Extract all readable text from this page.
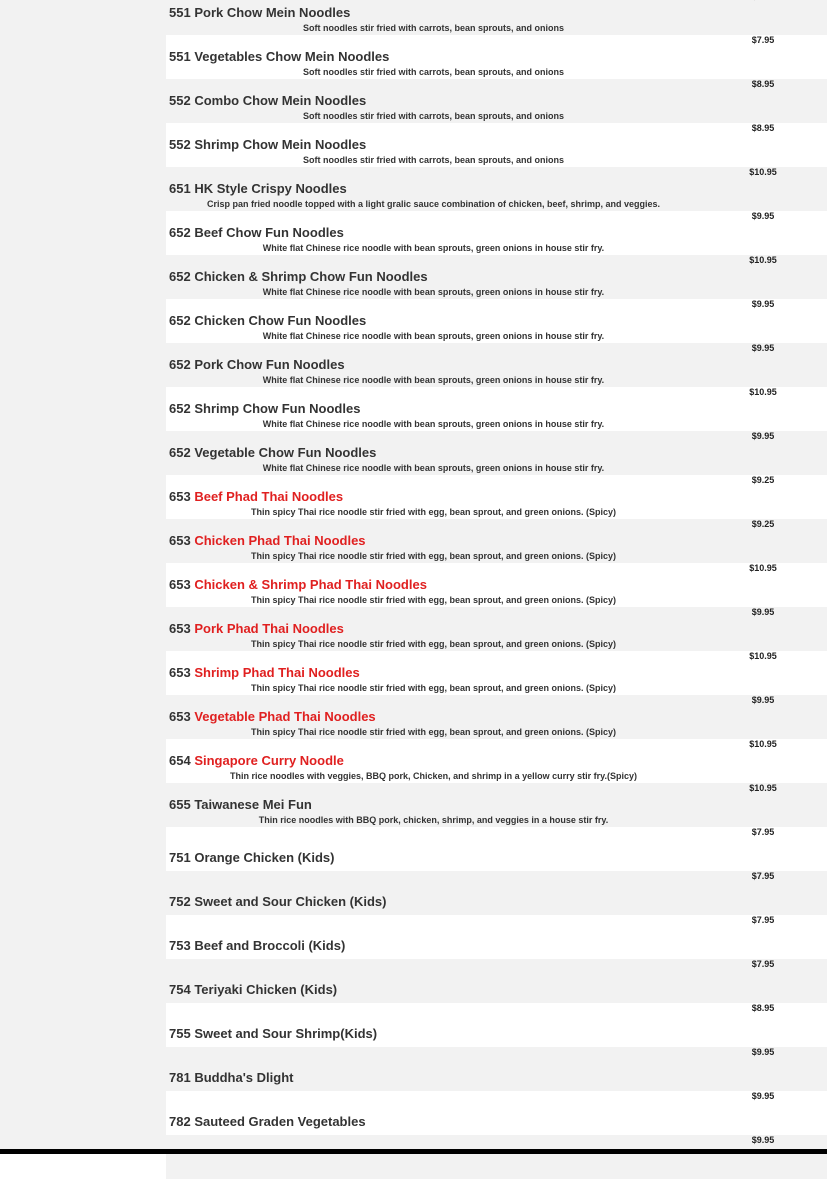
551 Pork Chow Mein Noodles
Soft noodles stir fried with carrots, bean sprouts, and onions
$7.95
551 Vegetables Chow Mein Noodles
Soft noodles stir fried with carrots, bean sprouts, and onions
$8.95
552 Combo Chow Mein Noodles
Soft noodles stir fried with carrots, bean sprouts, and onions
$8.95
552 Shrimp Chow Mein Noodles
Soft noodles stir fried with carrots, bean sprouts, and onions
$10.95
651 HK Style Crispy Noodles
Crisp pan fried noodle topped with a light gralic sauce combination of chicken, beef, shrimp, and veggies.
$9.95
652 Beef Chow Fun Noodles
White flat Chinese rice noodle with bean sprouts, green onions in house stir fry.
$10.95
652 Chicken & Shrimp Chow Fun Noodles
White flat Chinese rice noodle with bean sprouts, green onions in house stir fry.
$9.95
652 Chicken Chow Fun Noodles
White flat Chinese rice noodle with bean sprouts, green onions in house stir fry.
$9.95
652 Pork Chow Fun Noodles
White flat Chinese rice noodle with bean sprouts, green onions in house stir fry.
$10.95
652 Shrimp Chow Fun Noodles
White flat Chinese rice noodle with bean sprouts, green onions in house stir fry.
$9.95
652 Vegetable Chow Fun Noodles
White flat Chinese rice noodle with bean sprouts, green onions in house stir fry.
$9.25
653 Beef Phad Thai Noodles
Thin spicy Thai rice noodle stir fried with egg, bean sprout, and green onions. (Spicy)
$9.25
653 Chicken Phad Thai Noodles
Thin spicy Thai rice noodle stir fried with egg, bean sprout, and green onions. (Spicy)
$10.95
653 Chicken & Shrimp Phad Thai Noodles
Thin spicy Thai rice noodle stir fried with egg, bean sprout, and green onions. (Spicy)
$9.95
653 Pork Phad Thai Noodles
Thin spicy Thai rice noodle stir fried with egg, bean sprout, and green onions. (Spicy)
$10.95
653 Shrimp Phad Thai Noodles
Thin spicy Thai rice noodle stir fried with egg, bean sprout, and green onions. (Spicy)
$9.95
653 Vegetable Phad Thai Noodles
Thin spicy Thai rice noodle stir fried with egg, bean sprout, and green onions. (Spicy)
$10.95
654 Singapore Curry Noodle
Thin rice noodles with veggies, BBQ pork, Chicken, and shrimp in a yellow curry stir fry.(Spicy)
$10.95
655 Taiwanese Mei Fun
Thin rice noodles with BBQ pork, chicken, shrimp, and veggies in a house stir fry.
$7.95
751 Orange Chicken (Kids)
$7.95
752 Sweet and Sour Chicken (Kids)
$7.95
753 Beef and Broccoli (Kids)
$7.95
754 Teriyaki Chicken (Kids)
$8.95
755 Sweet and Sour Shrimp(Kids)
$9.95
781 Buddha's Dlight
$9.95
782 Sauteed Graden Vegetables
$9.95
